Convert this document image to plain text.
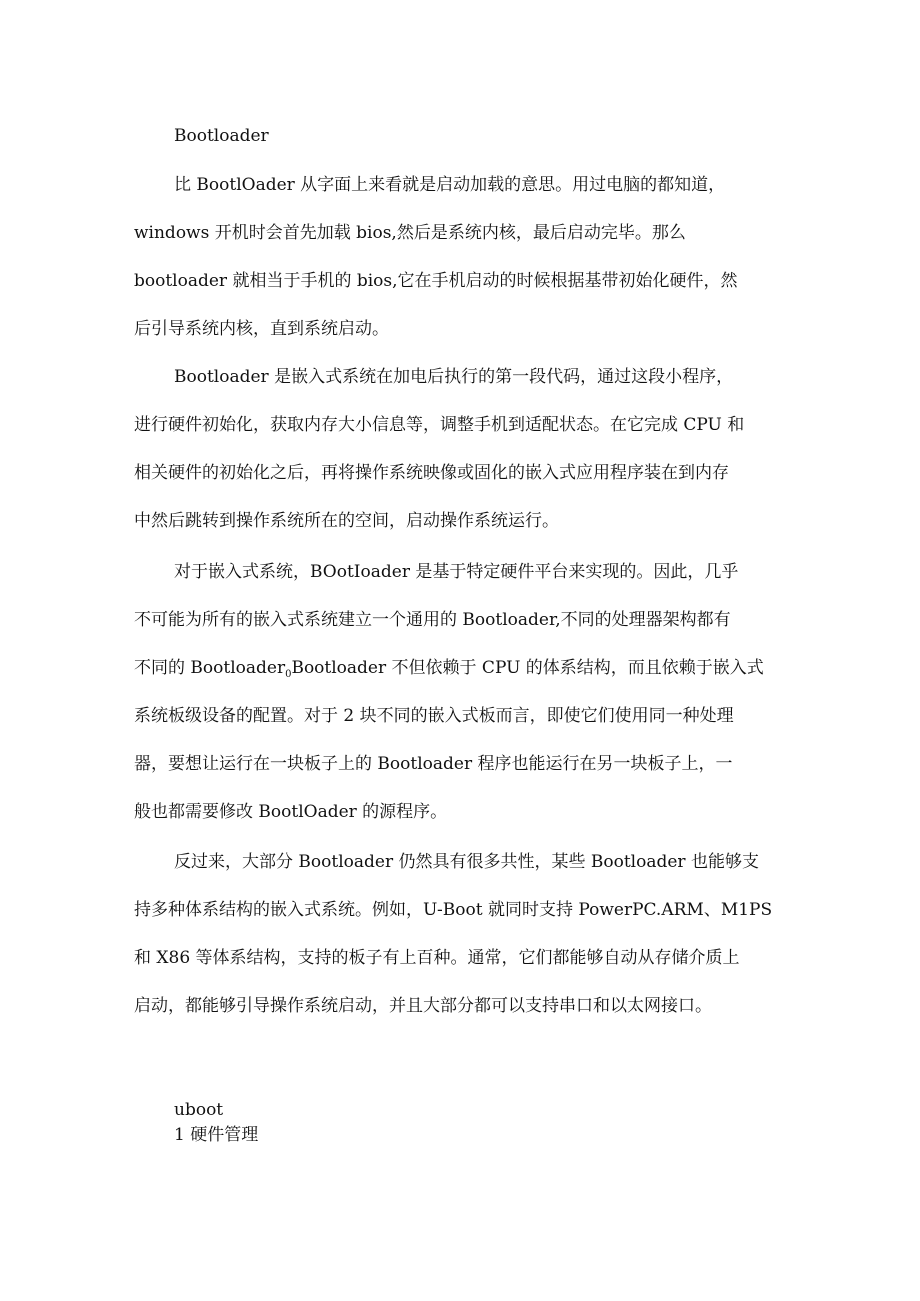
Bootloader
比 BootlOader 从字面上来看就是启动加载的意思。用过电脑的都知道，
windows 开机时会首先加载 bios,然后是系统内核，最后启动完毕。那么
bootloader 就相当于手机的 bios,它在手机启动的时候根据基带初始化硬件，然
后引导系统内核，直到系统启动。
Bootloader 是嵌入式系统在加电后执行的第一段代码，通过这段小程序，
进行硬件初始化，获取内存大小信息等，调整手机到适配状态。在它完成 CPU 和
相关硬件的初始化之后，再将操作系统映像或固化的嵌入式应用程序装在到内存
中然后跳转到操作系统所在的空间，启动操作系统运行。
对于嵌入式系统，BOotIoader 是基于特定硬件平台来实现的。因此，几乎
不可能为所有的嵌入式系统建立一个通用的 Bootloader,不同的处理器架构都有
不同的 Bootloader$_0$Bootloader 不但依赖于 CPU 的体系结构，而且依赖于嵌入式
系统板级设备的配置。对于 2 块不同的嵌入式板而言，即使它们使用同一种处理
器，要想让运行在一块板子上的 Bootloader 程序也能运行在另一块板子上，一
般也都需要修改 BootlOader 的源程序。
反过来，大部分 Bootloader 仍然具有很多共性，某些 Bootloader 也能够支
持多种体系结构的嵌入式系统。例如，U-Boot 就同时支持 PowerPC.ARM、M1PS
和 X86 等体系结构，支持的板子有上百种。通常，它们都能够自动从存储介质上
启动，都能够引导操作系统启动，并且大部分都可以支持串口和以太网接口。
uboot
1 硬件管理
